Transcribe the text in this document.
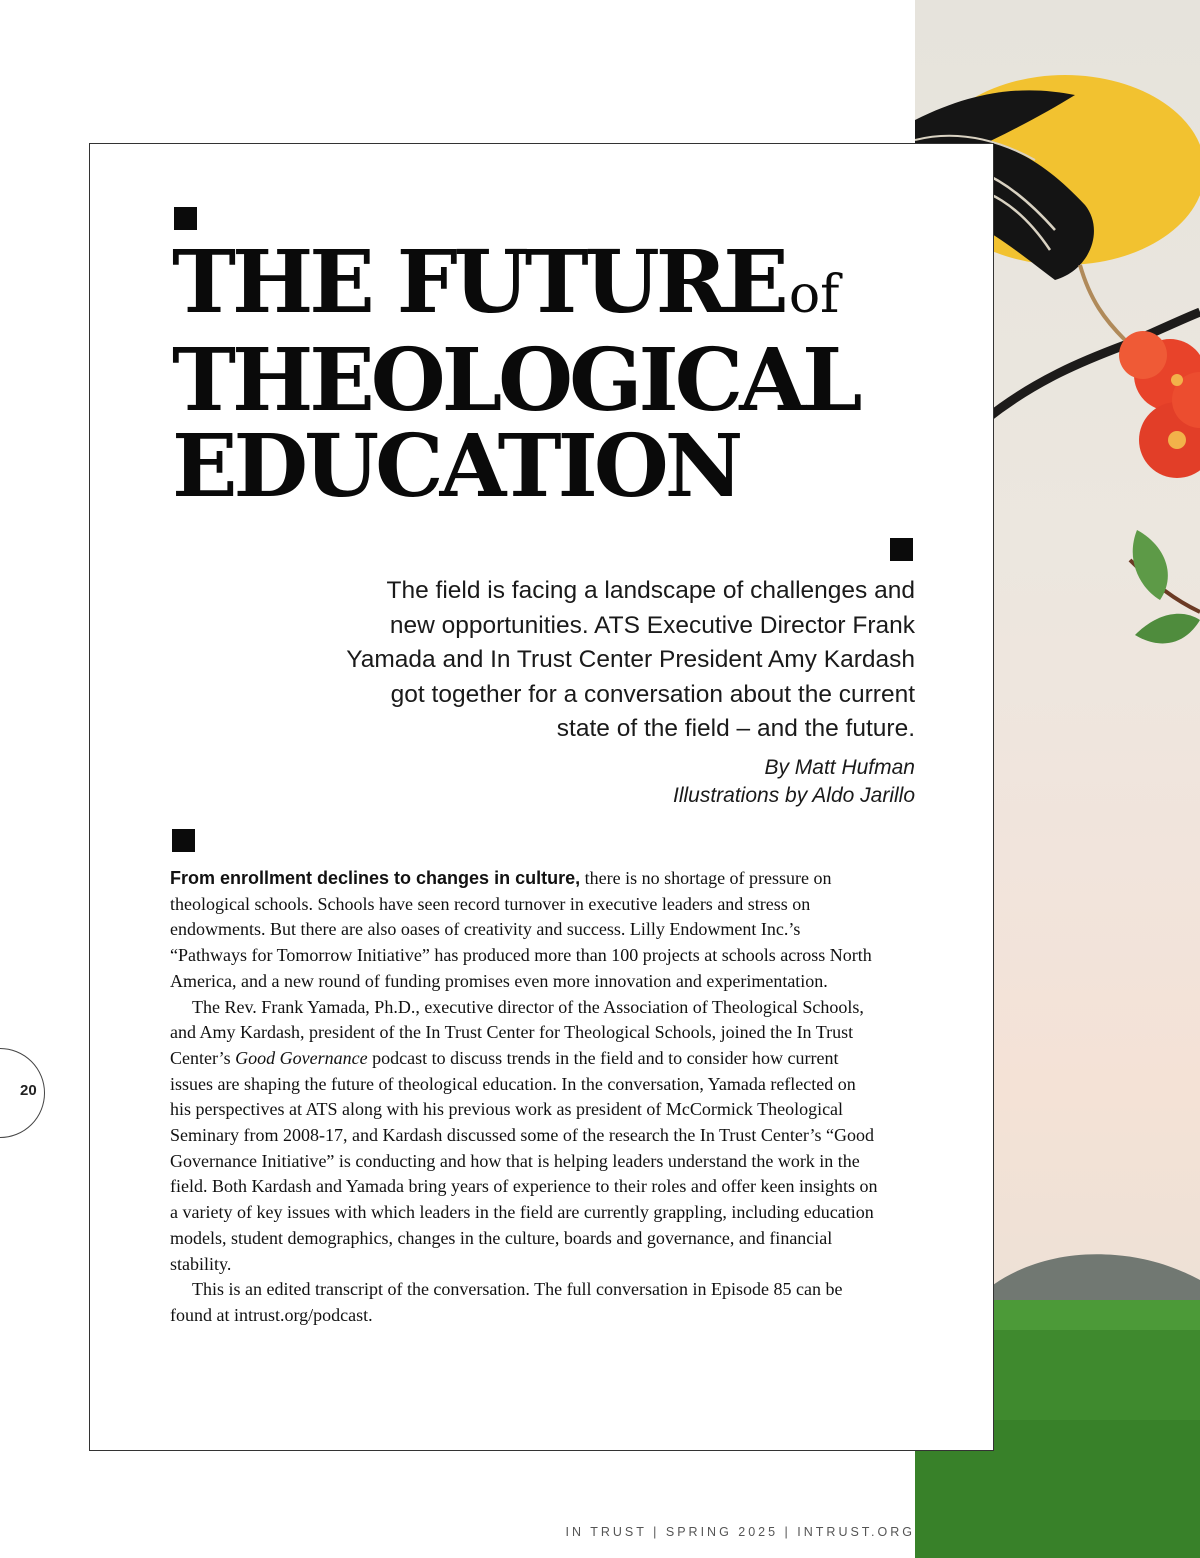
THE FUTUREof
THEOLOGICAL
EDUCATION

The field is facing a landscape of challenges and new opportunities. ATS Executive Director Frank Yamada and In Trust Center President Amy Kardash got together for a conversation about the current state of the field – and the future.

By Matt Hufman
Illustrations by Aldo Jarillo

From enrollment declines to changes in culture, there is no shortage of pressure on theological schools. Schools have seen record turnover in executive leaders and stress on endowments. But there are also oases of creativity and success. Lilly Endowment Inc.’s “Pathways for Tomorrow Initiative” has produced more than 100 projects at schools across North America, and a new round of funding promises even more innovation and experimentation.

The Rev. Frank Yamada, Ph.D., executive director of the Association of Theological Schools, and Amy Kardash, president of the In Trust Center for Theological Schools, joined the In Trust Center’s Good Governance podcast to discuss trends in the field and to consider how current issues are shaping the future of theological education. In the conversation, Yamada reflected on his perspectives at ATS along with his previous work as president of McCormick Theological Seminary from 2008-17, and Kardash discussed some of the research the In Trust Center’s “Good Governance Initiative” is conducting and how that is helping leaders understand the work in the field. Both Kardash and Yamada bring years of experience to their roles and offer keen insights on a variety of key issues with which leaders in the field are currently grappling, including education models, student demographics, changes in the culture, boards and governance, and financial stability.

This is an edited transcript of the conversation. The full conversation in Episode 85 can be found at intrust.org/podcast.

20
IN TRUST | SPRING 2025 | INTRUST.ORG
